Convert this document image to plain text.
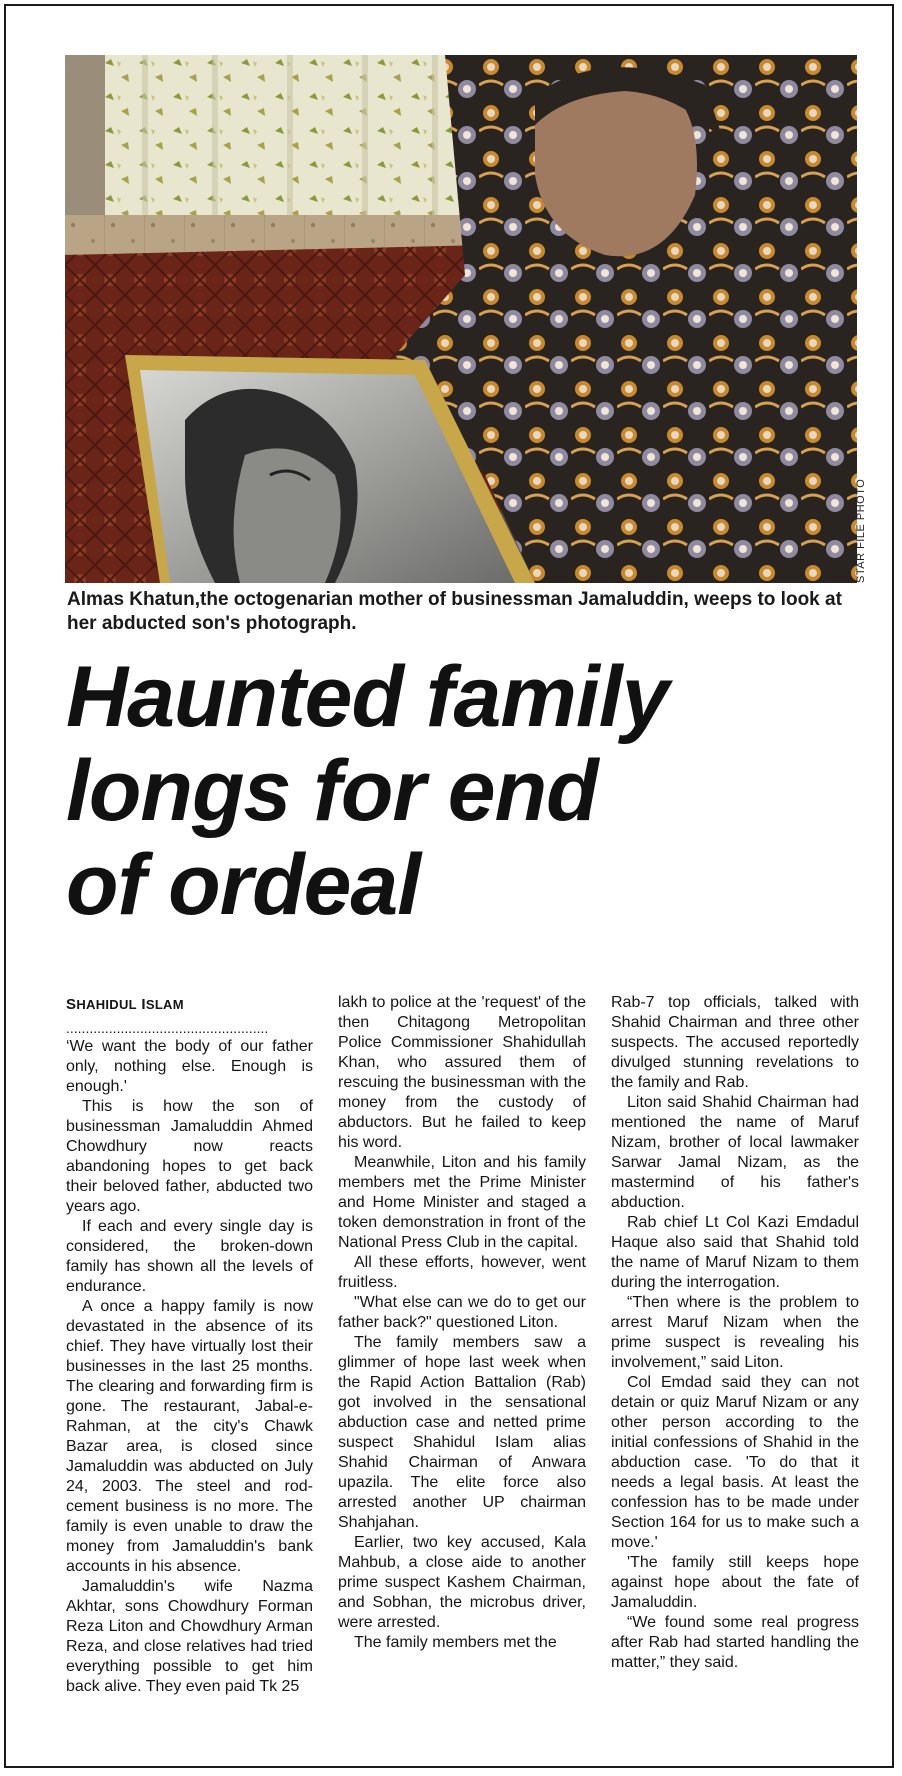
STAR FILE PHOTO
Almas Khatun,the octogenarian mother of businessman Jamaluddin, weeps to look at her abducted son's photograph.
Haunted family
longs for end
of ordeal
SHAHIDUL ISLAM
....................................................

‘We want the body of our father only, nothing else. Enough is enough.'

This is how the son of businessman Jamaluddin Ahmed Chowdhury now reacts abandoning hopes to get back their beloved father, abducted two years ago.

If each and every single day is considered, the broken-down family has shown all the levels of endurance.

A once a happy family is now devastated in the absence of its chief. They have virtually lost their businesses in the last 25 months. The clearing and forwarding firm is gone. The restaurant, Jabal-e-Rahman, at the city's Chawk Bazar area, is closed since Jamaluddin was abducted on July 24, 2003. The steel and rod-cement business is no more. The family is even unable to draw the money from Jamaluddin's bank accounts in his absence.

Jamaluddin's wife Nazma Akhtar, sons Chowdhury Forman Reza Liton and Chowdhury Arman Reza, and close relatives had tried everything possible to get him back alive. They even paid Tk 25

lakh to police at the 'request' of the then Chitagong Metropolitan Police Commissioner Shahidullah Khan, who assured them of rescuing the businessman with the money from the custody of abductors. But he failed to keep his word.

Meanwhile, Liton and his family members met the Prime Minister and Home Minister and staged a token demonstration in front of the National Press Club in the capital.

All these efforts, however, went fruitless.

"What else can we do to get our father back?" questioned Liton.

The family members saw a glimmer of hope last week when the Rapid Action Battalion (Rab) got involved in the sensational abduction case and netted prime suspect Shahidul Islam alias Shahid Chairman of Anwara upazila. The elite force also arrested another UP chairman Shahjahan.

Earlier, two key accused, Kala Mahbub, a close aide to another prime suspect Kashem Chairman, and Sobhan, the microbus driver, were arrested.

The family members met the

Rab-7 top officials, talked with Shahid Chairman and three other suspects. The accused reportedly divulged stunning revelations to the family and Rab.

Liton said Shahid Chairman had mentioned the name of Maruf Nizam, brother of local lawmaker Sarwar Jamal Nizam, as the mastermind of his father's abduction.

Rab chief Lt Col Kazi Emdadul Haque also said that Shahid told the name of Maruf Nizam to them during the interrogation.

“Then where is the problem to arrest Maruf Nizam when the prime suspect is revealing his involvement,” said Liton.

Col Emdad said they can not detain or quiz Maruf Nizam or any other person according to the initial confessions of Shahid in the abduction case. 'To do that it needs a legal basis. At least the confession has to be made under Section 164 for us to make such a move.'

'The family still keeps hope against hope about the fate of Jamaluddin.

“We found some real progress after Rab had started handling the matter,” they said.
